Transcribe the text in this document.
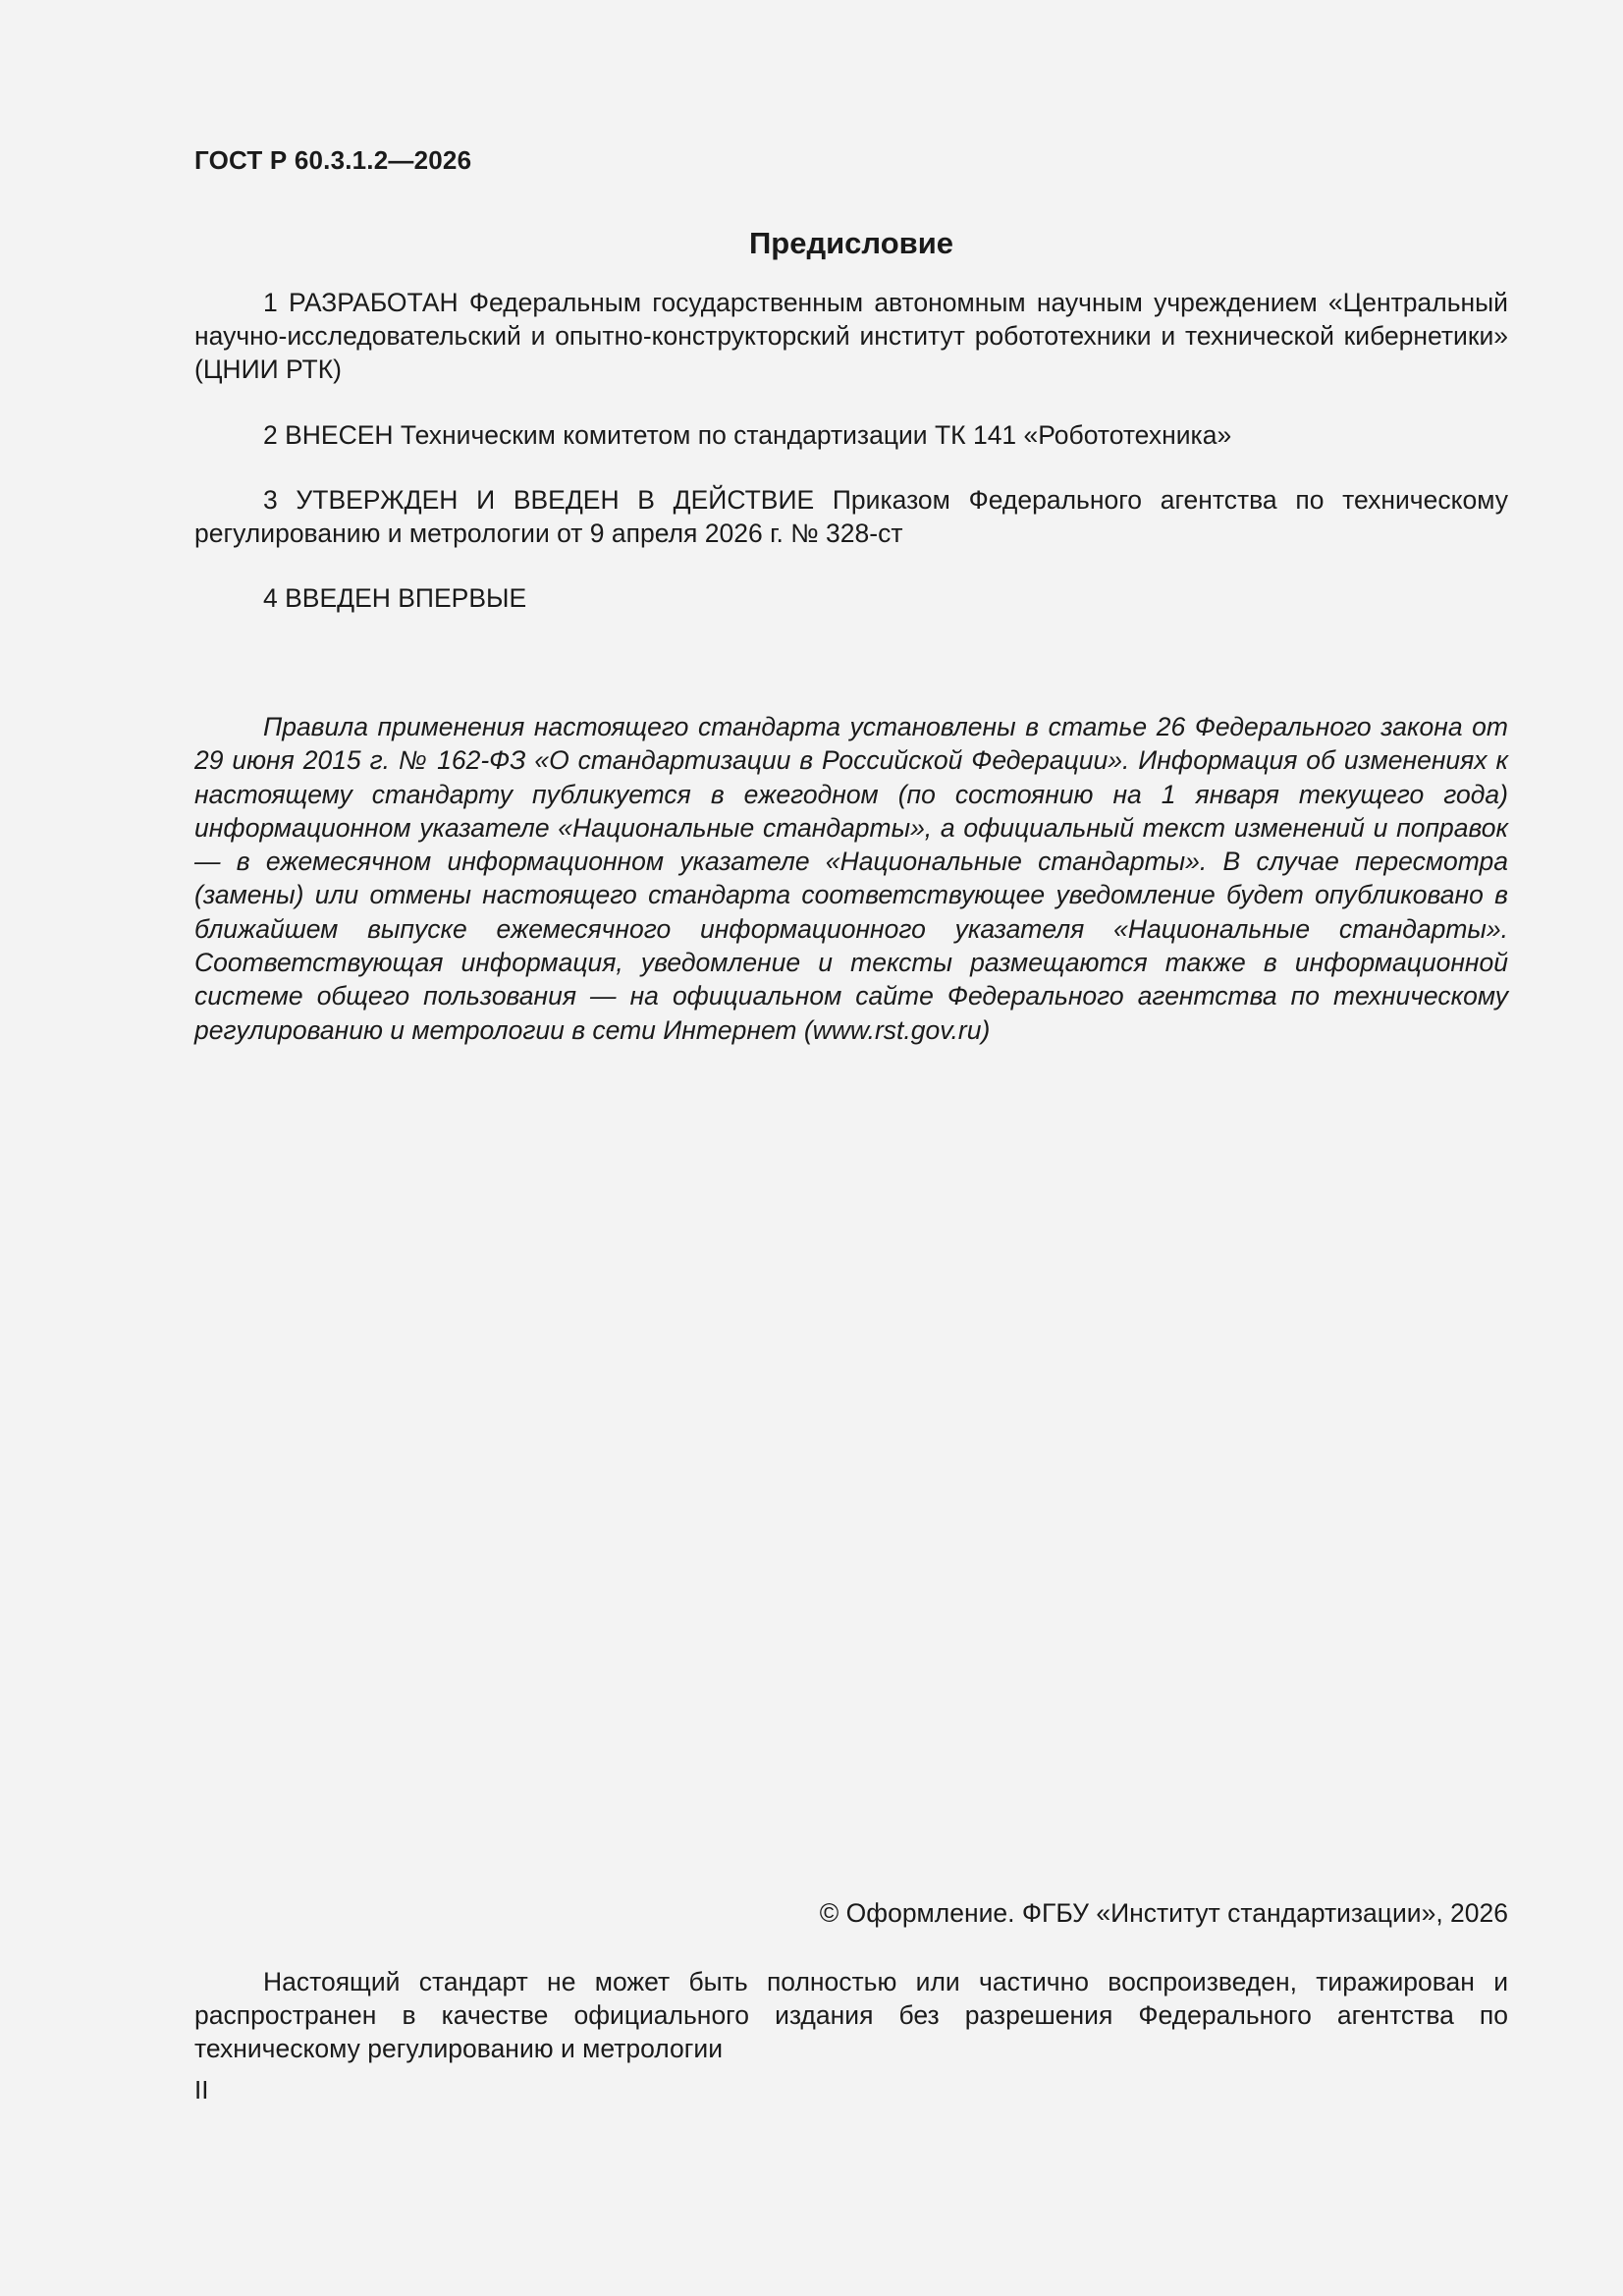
ГОСТ Р 60.3.1.2—2026
Предисловие

1 РАЗРАБОТАН Федеральным государственным автономным научным учреждением «Центральный научно-исследовательский и опытно-конструкторский институт робототехники и технической кибернетики» (ЦНИИ РТК)

2 ВНЕСЕН Техническим комитетом по стандартизации ТК 141 «Робототехника»

3 УТВЕРЖДЕН И ВВЕДЕН В ДЕЙСТВИЕ Приказом Федерального агентства по техническому регулированию и метрологии от 9 апреля 2026 г. № 328-ст

4 ВВЕДЕН ВПЕРВЫЕ

Правила применения настоящего стандарта установлены в статье 26 Федерального закона от 29 июня 2015 г. № 162-ФЗ «О стандартизации в Российской Федерации». Информация об изменениях к настоящему стандарту публикуется в ежегодном (по состоянию на 1 января текущего года) информационном указателе «Национальные стандарты», а официальный текст изменений и поправок — в ежемесячном информационном указателе «Национальные стандарты». В случае пересмотра (замены) или отмены настоящего стандарта соответствующее уведомление будет опубликовано в ближайшем выпуске ежемесячного информационного указателя «Национальные стандарты». Соответствующая информация, уведомление и тексты размещаются также в информационной системе общего пользования — на официальном сайте Федерального агентства по техническому регулированию и метрологии в сети Интернет (www.rst.gov.ru)

© Оформление. ФГБУ «Институт стандартизации», 2026

Настоящий стандарт не может быть полностью или частично воспроизведен, тиражирован и распространен в качестве официального издания без разрешения Федерального агентства по техническому регулированию и метрологии

II
